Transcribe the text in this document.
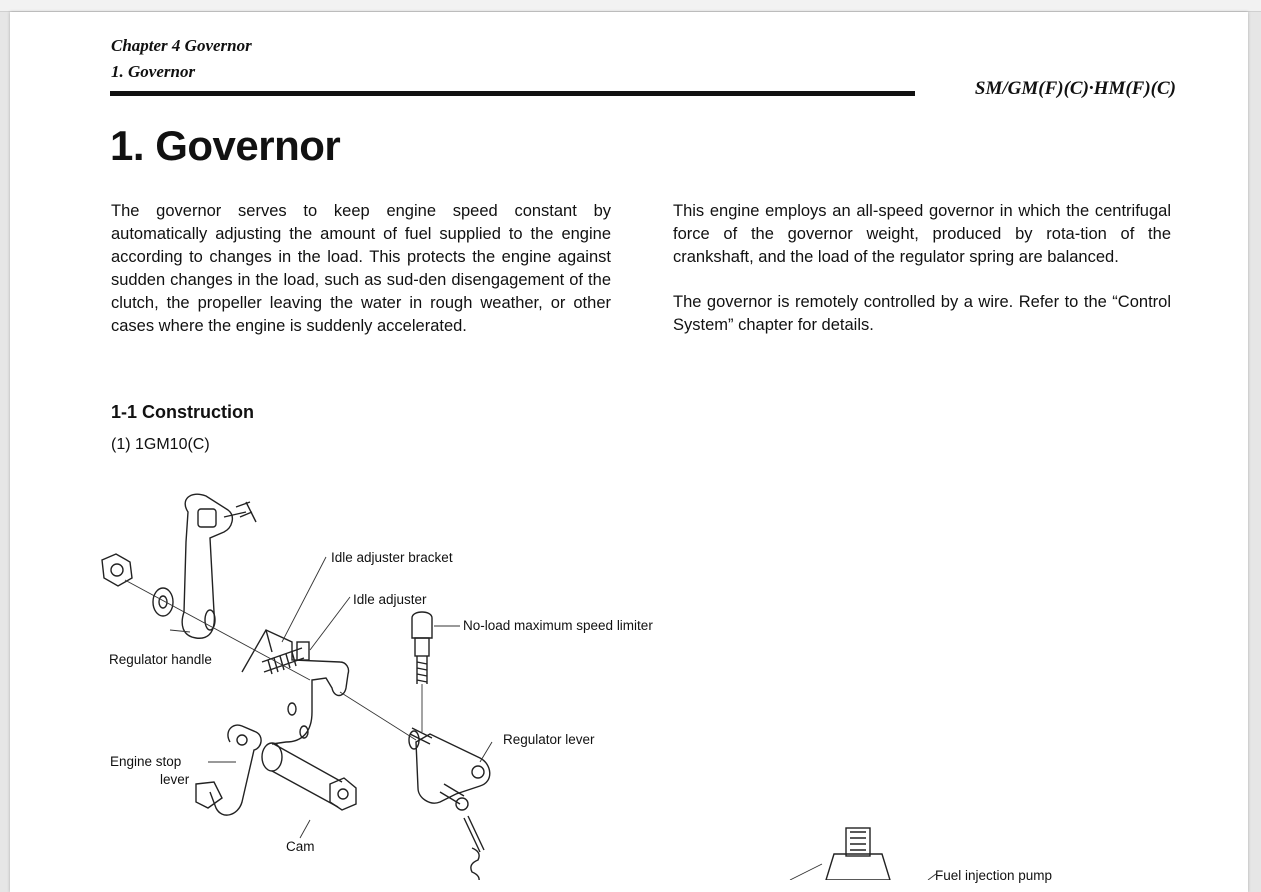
Chapter 4 Governor
1. Governor
SM/GM(F)(C)·HM(F)(C)
1. Governor

The governor serves to keep engine speed constant by automatically adjusting the amount of fuel supplied to the engine according to changes in the load. This protects the engine against sudden changes in the load, such as sud-den disengagement of the clutch, the propeller leaving the water in rough weather, or other cases where the engine is suddenly accelerated.

This engine employs an all-speed governor in which the centrifugal force of the governor weight, produced by rota-tion of the crankshaft, and the load of the regulator spring are balanced.

The governor is remotely controlled by a wire. Refer to the “Control System” chapter for details.

1-1 Construction
(1) 1GM10(C)
Idle adjuster bracket
Idle adjuster
No-load maximum speed limiter
Regulator handle
Regulator lever
Engine stop
lever
Cam
Fuel injection pump
